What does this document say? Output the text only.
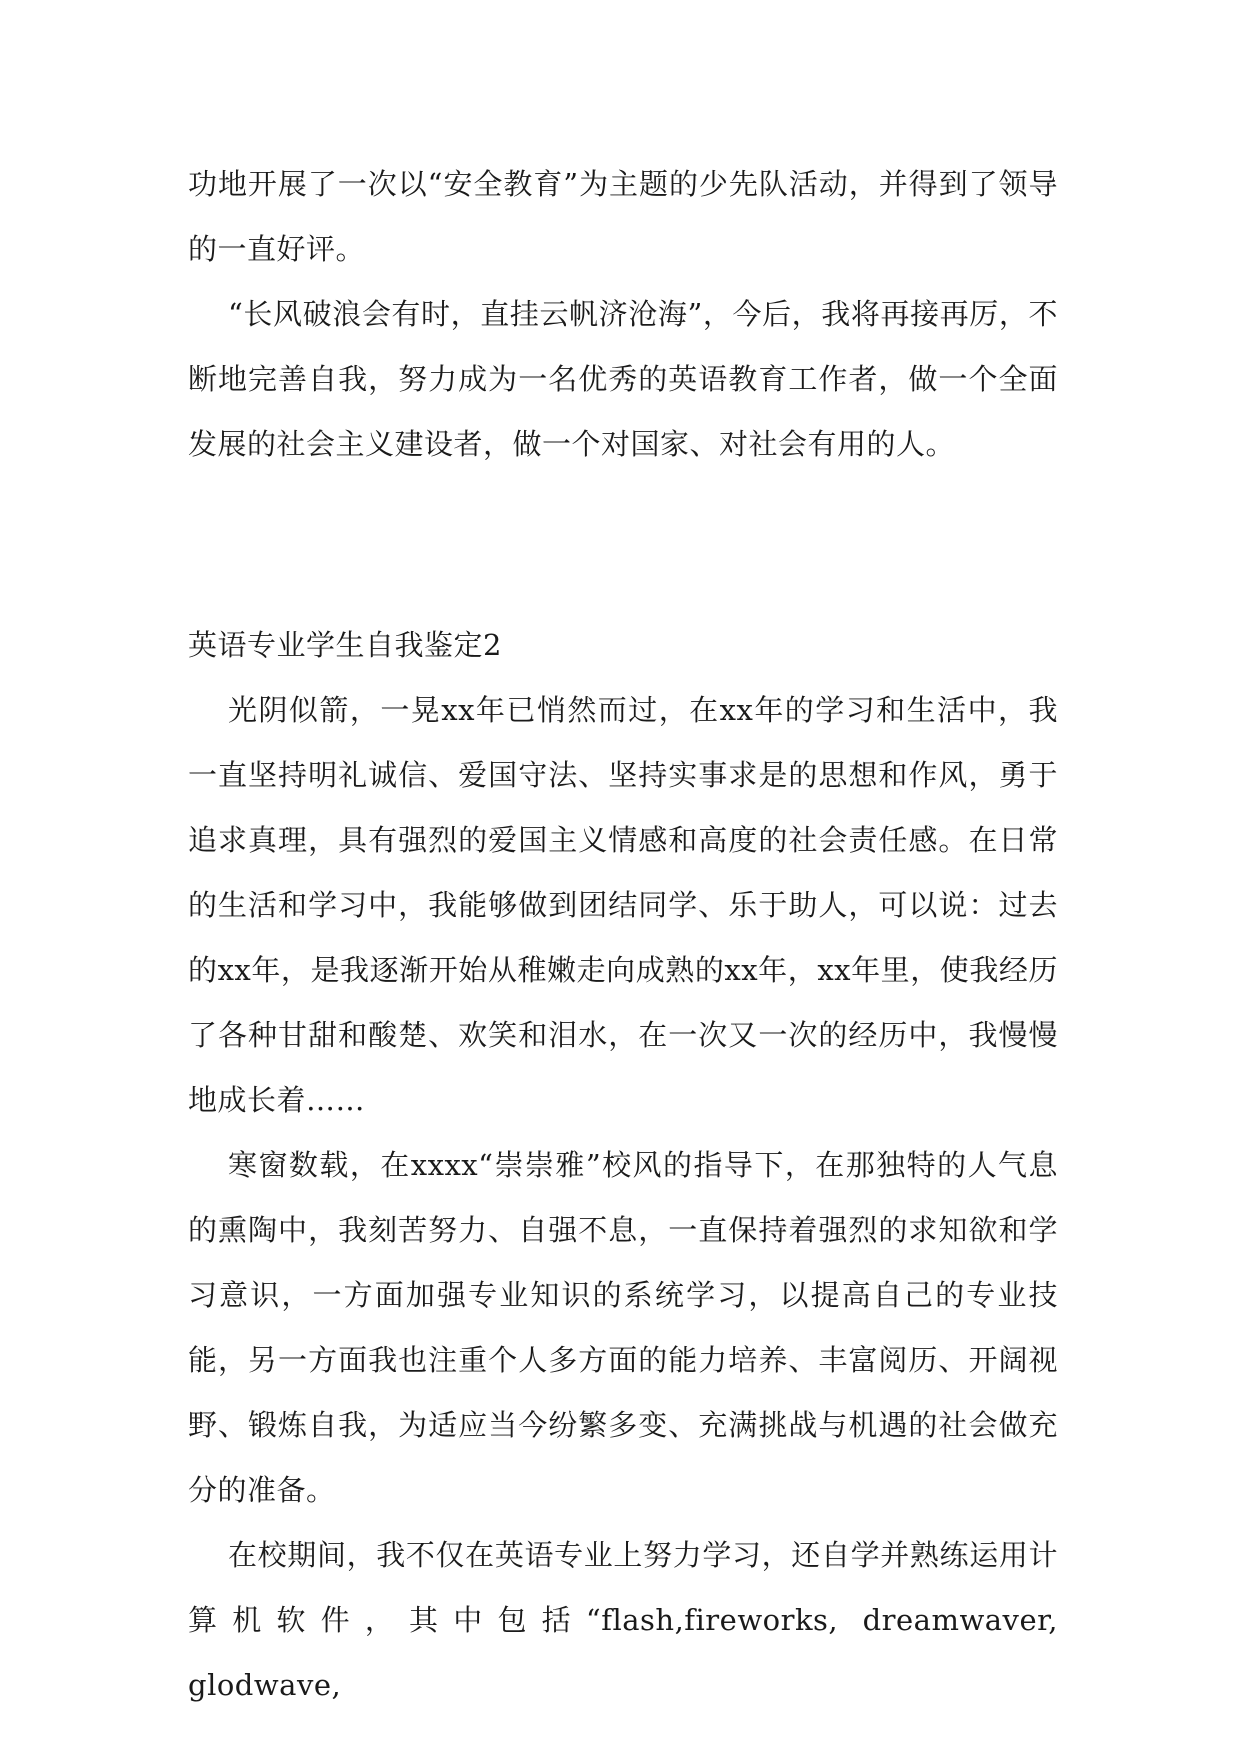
功地开展了一次以“安全教育”为主题的少先队活动，并得到了领导的一直好评。

“长风破浪会有时，直挂云帆济沧海”，今后，我将再接再厉，不断地完善自我，努力成为一名优秀的英语教育工作者，做一个全面发展的社会主义建设者，做一个对国家、对社会有用的人。

英语专业学生自我鉴定2

光阴似箭，一晃xx年已悄然而过，在xx年的学习和生活中，我一直坚持明礼诚信、爱国守法、坚持实事求是的思想和作风，勇于追求真理，具有强烈的爱国主义情感和高度的社会责任感。在日常的生活和学习中，我能够做到团结同学、乐于助人，可以说：过去的xx年，是我逐渐开始从稚嫩走向成熟的xx年，xx年里，使我经历了各种甘甜和酸楚、欢笑和泪水，在一次又一次的经历中，我慢慢地成长着……

寒窗数载，在xxxx“崇崇雅”校风的指导下，在那独特的人气息的熏陶中，我刻苦努力、自强不息，一直保持着强烈的求知欲和学习意识，一方面加强专业知识的系统学习，以提高自己的专业技能，另一方面我也注重个人多方面的能力培养、丰富阅历、开阔视野、锻炼自我，为适应当今纷繁多变、充满挑战与机遇的社会做充分的准备。

在校期间，我不仅在英语专业上努力学习，还自学并熟练运用计算机软件，其中包括“flash,fireworks, dreamwaver, glodwave,
